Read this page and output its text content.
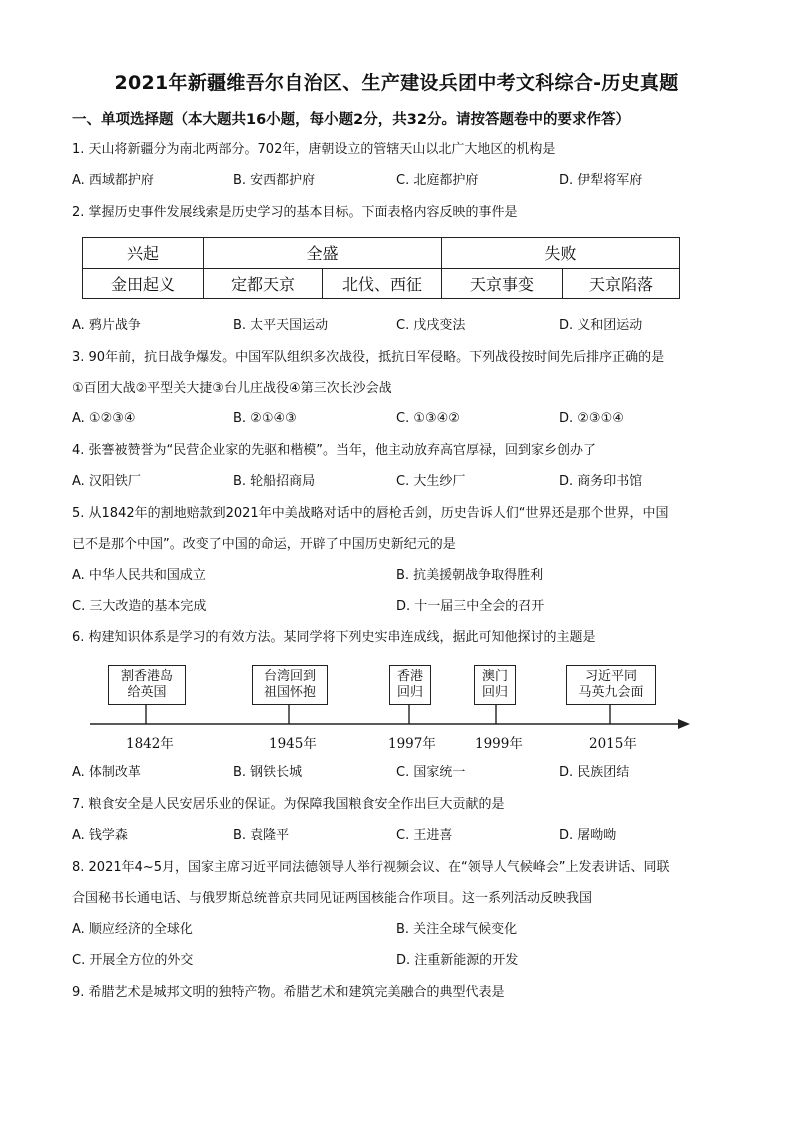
2021年新疆维吾尔自治区、生产建设兵团中考文科综合-历史真题
一、单项选择题（本大题共16小题，每小题2分，共32分。请按答题卷中的要求作答）
1. 天山将新疆分为南北两部分。702年，唐朝设立的管辖天山以北广大地区的机构是
A. 西域都护府	B. 安西都护府	C. 北庭都护府	D. 伊犁将军府
2. 掌握历史事件发展线索是历史学习的基本目标。下面表格内容反映的事件是
兴起	全盛		失败	
金田起义	定都天京	北伐、西征	天京事变	天京陷落
A. 鸦片战争	B. 太平天国运动	C. 戊戌变法	D. 义和团运动
3. 90年前，抗日战争爆发。中国军队组织多次战役，抵抗日军侵略。下列战役按时间先后排序正确的是
①百团大战②平型关大捷③台儿庄战役④第三次长沙会战
A. ①②③④	B. ②①④③	C. ①③④②	D. ②③①④
4. 张謇被赞誉为“民营企业家的先驱和楷模”。当年，他主动放弃高官厚禄，回到家乡创办了
A. 汉阳铁厂	B. 轮船招商局	C. 大生纱厂	D. 商务印书馆
5. 从1842年的割地赔款到2021年中美战略对话中的唇枪舌剑，历史告诉人们“世界还是那个世界，中国
已不是那个中国”。改变了中国的命运，开辟了中国历史新纪元的是
A. 中华人民共和国成立	B. 抗美援朝战争取得胜利
C. 三大改造的基本完成	D. 十一届三中全会的召开
6. 构建知识体系是学习的有效方法。某同学将下列史实串连成线，据此可知他探讨的主题是
割香港岛
给英国
台湾回到
祖国怀抱
香港
回归
澳门
回归
习近平同
马英九会面
1842年	1945年	1997年	1999年	2015年
A. 体制改革	B. 钢铁长城	C. 国家统一	D. 民族团结
7. 粮食安全是人民安居乐业的保证。为保障我国粮食安全作出巨大贡献的是
A. 钱学森	B. 袁隆平	C. 王进喜	D. 屠呦呦
8. 2021年4~5月，国家主席习近平同法德领导人举行视频会议、在“领导人气候峰会”上发表讲话、同联
合国秘书长通电话、与俄罗斯总统普京共同见证两国核能合作项目。这一系列活动反映我国
A. 顺应经济的全球化	B. 关注全球气候变化
C. 开展全方位的外交	D. 注重新能源的开发
9. 希腊艺术是城邦文明的独特产物。希腊艺术和建筑完美融合的典型代表是
